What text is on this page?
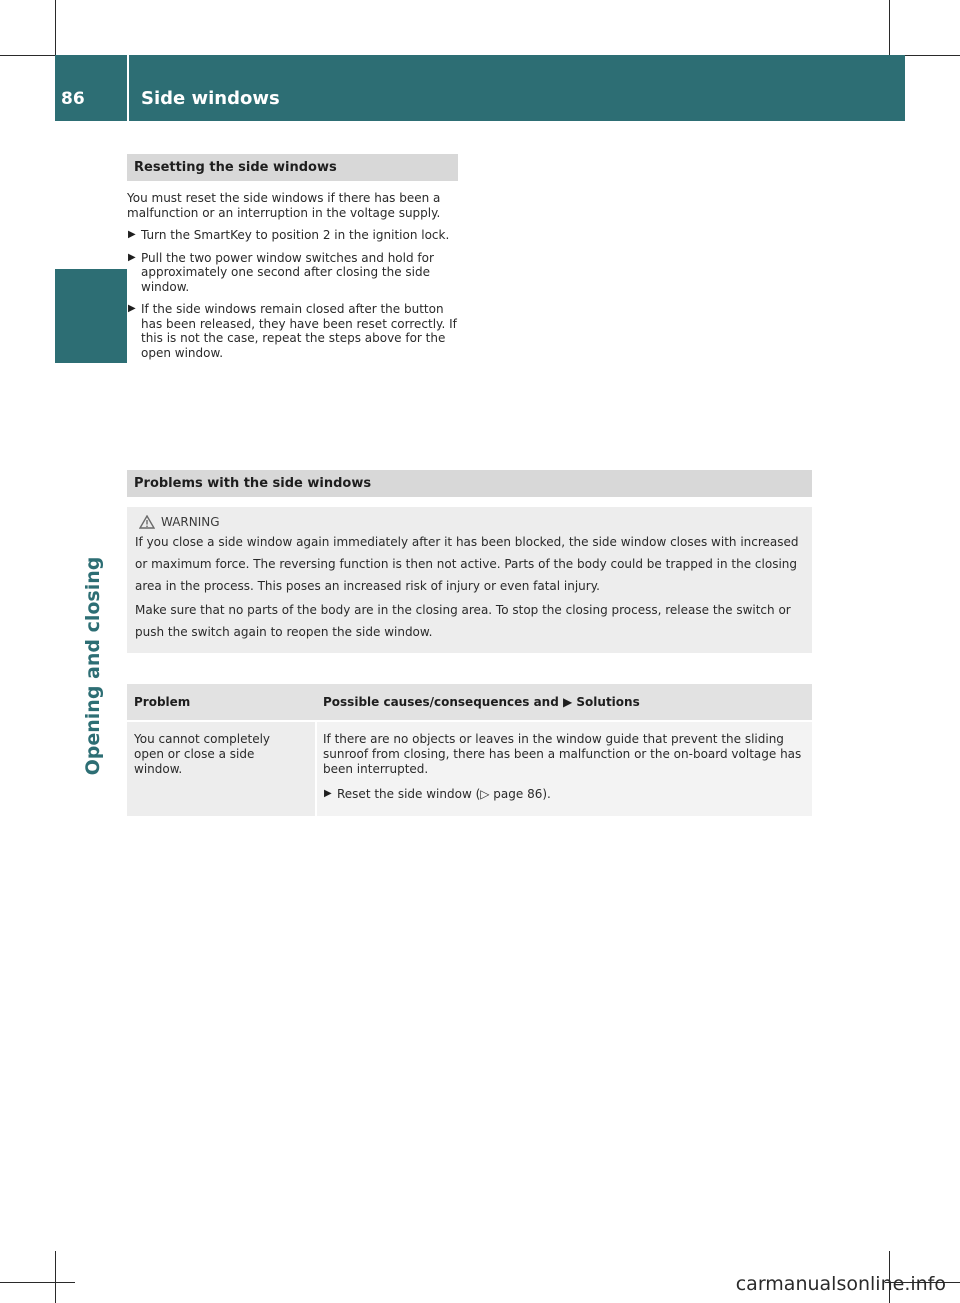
86	Side windows
Opening and closing
Resetting the side windows

You must reset the side windows if there has been a malfunction or an interruption in the voltage supply.

▶ Turn the SmartKey to position 2 in the ignition lock.
▶ Pull the two power window switches and hold for approximately one second after closing the side window.
▶ If the side windows remain closed after the button has been released, they have been reset correctly. If this is not the case, repeat the steps above for the open window.
Problems with the side windows
WARNING

If you close a side window again immediately after it has been blocked, the side window closes with increased or maximum force. The reversing function is then not active. Parts of the body could be trapped in the closing area in the process. This poses an increased risk of injury or even fatal injury.

Make sure that no parts of the body are in the closing area. To stop the closing process, release the switch or push the switch again to reopen the side window.

Problem	Possible causes/consequences and ▶ Solutions
You cannot completely open or close a side window.

If there are no objects or leaves in the window guide that prevent the sliding sunroof from closing, there has been a malfunction or the on-board voltage has been interrupted.

▶ Reset the side window (▷ page 86).
carmanualsonline.info
